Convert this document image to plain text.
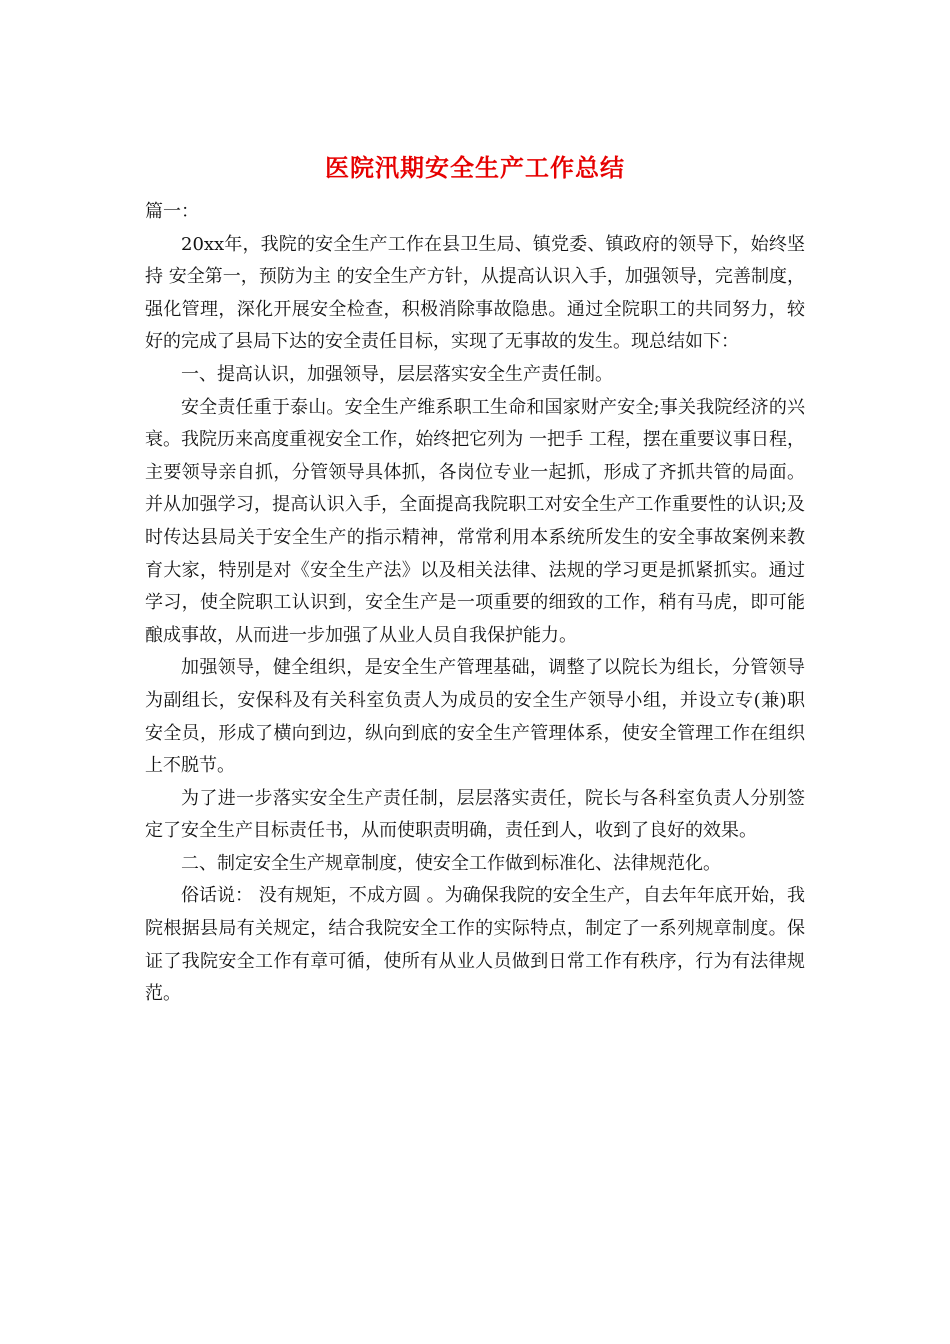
医院汛期安全生产工作总结

篇一：

20xx年，我院的安全生产工作在县卫生局、镇党委、镇政府的领导下，始终坚持 安全第一，预防为主 的安全生产方针，从提高认识入手，加强领导，完善制度，强化管理，深化开展安全检查，积极消除事故隐患。通过全院职工的共同努力，较好的完成了县局下达的安全责任目标，实现了无事故的发生。现总结如下：

一、提高认识，加强领导，层层落实安全生产责任制。

安全责任重于泰山。安全生产维系职工生命和国家财产安全;事关我院经济的兴衰。我院历来高度重视安全工作，始终把它列为 一把手 工程，摆在重要议事日程，主要领导亲自抓，分管领导具体抓，各岗位专业一起抓，形成了齐抓共管的局面。并从加强学习，提高认识入手，全面提高我院职工对安全生产工作重要性的认识;及时传达县局关于安全生产的指示精神，常常利用本系统所发生的安全事故案例来教育大家，特别是对《安全生产法》以及相关法律、法规的学习更是抓紧抓实。通过学习，使全院职工认识到，安全生产是一项重要的细致的工作，稍有马虎，即可能酿成事故，从而进一步加强了从业人员自我保护能力。

加强领导，健全组织，是安全生产管理基础，调整了以院长为组长，分管领导为副组长，安保科及有关科室负责人为成员的安全生产领导小组，并设立专(兼)职安全员，形成了横向到边，纵向到底的安全生产管理体系，使安全管理工作在组织上不脱节。

为了进一步落实安全生产责任制，层层落实责任，院长与各科室负责人分别签定了安全生产目标责任书，从而使职责明确，责任到人，收到了良好的效果。

二、制定安全生产规章制度，使安全工作做到标准化、法律规范化。

俗话说： 没有规矩，不成方圆 。为确保我院的安全生产，自去年年底开始，我院根据县局有关规定，结合我院安全工作的实际特点，制定了一系列规章制度。保证了我院安全工作有章可循，使所有从业人员做到日常工作有秩序，行为有法律规范。
